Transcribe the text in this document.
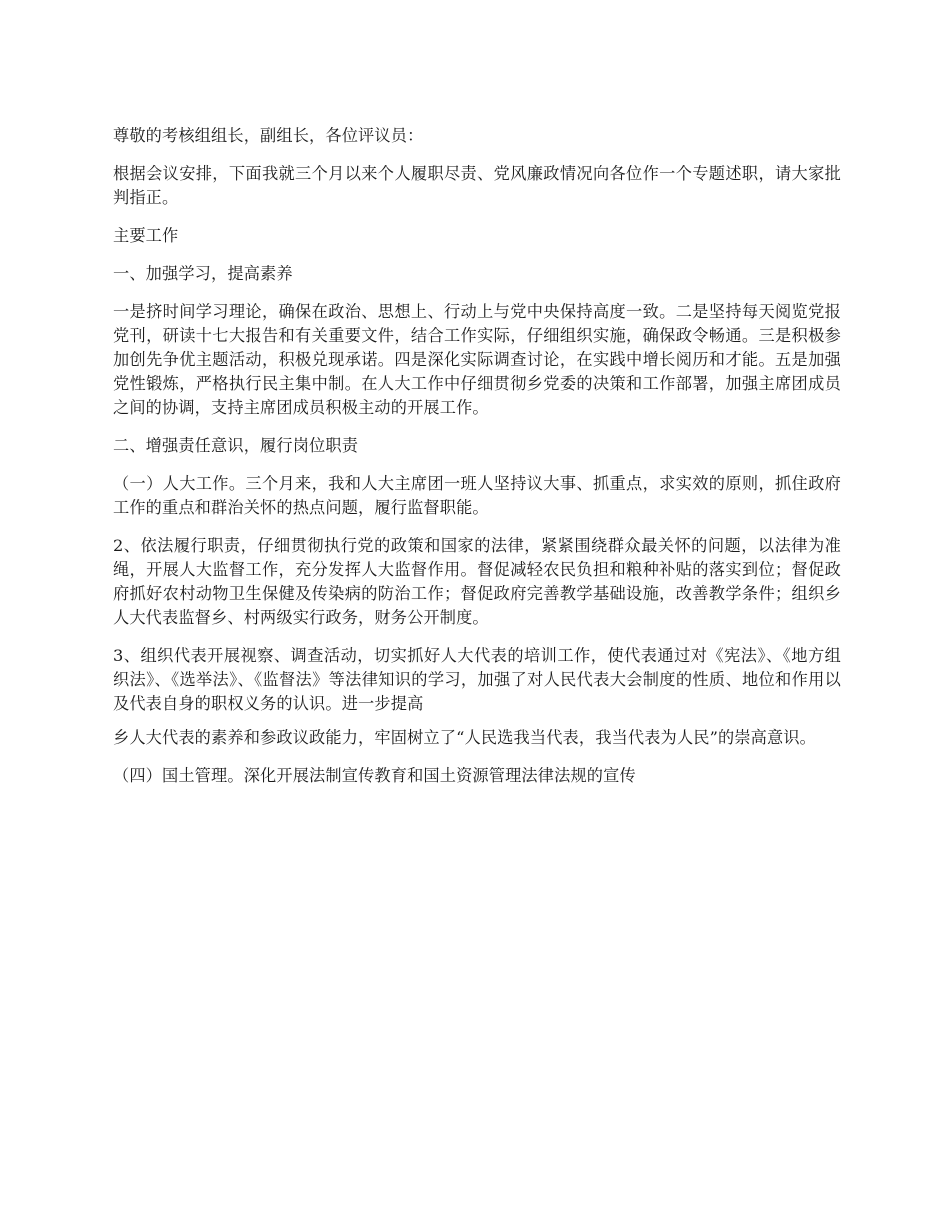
尊敬的考核组组长，副组长，各位评议员：

根据会议安排，下面我就三个月以来个人履职尽责、党风廉政情况向各位作一个专题述职，请大家批判指正。

主要工作

一、加强学习，提高素养

一是挤时间学习理论，确保在政治、思想上、行动上与党中央保持高度一致。二是坚持每天阅览党报党刊，研读十七大报告和有关重要文件，结合工作实际，仔细组织实施，确保政令畅通。三是积极参加创先争优主题活动，积极兑现承诺。四是深化实际调查讨论，在实践中增长阅历和才能。五是加强党性锻炼，严格执行民主集中制。在人大工作中仔细贯彻乡党委的决策和工作部署，加强主席团成员之间的协调，支持主席团成员积极主动的开展工作。

二、增强责任意识，履行岗位职责

（一）人大工作。三个月来，我和人大主席团一班人坚持议大事、抓重点，求实效的原则，抓住政府工作的重点和群治关怀的热点问题，履行监督职能。

2、依法履行职责，仔细贯彻执行党的政策和国家的法律，紧紧围绕群众最关怀的问题，以法律为准绳，开展人大监督工作，充分发挥人大监督作用。督促减轻农民负担和粮种补贴的落实到位；督促政府抓好农村动物卫生保健及传染病的防治工作；督促政府完善教学基础设施，改善教学条件；组织乡人大代表监督乡、村两级实行政务，财务公开制度。

3、组织代表开展视察、调查活动，切实抓好人大代表的培训工作，使代表通过对《宪法》、《地方组织法》、《选举法》、《监督法》等法律知识的学习，加强了对人民代表大会制度的性质、地位和作用以及代表自身的职权义务的认识。进一步提高

乡人大代表的素养和参政议政能力，牢固树立了“人民选我当代表，我当代表为人民”的崇高意识。

（四）国土管理。深化开展法制宣传教育和国土资源管理法律法规的宣传
